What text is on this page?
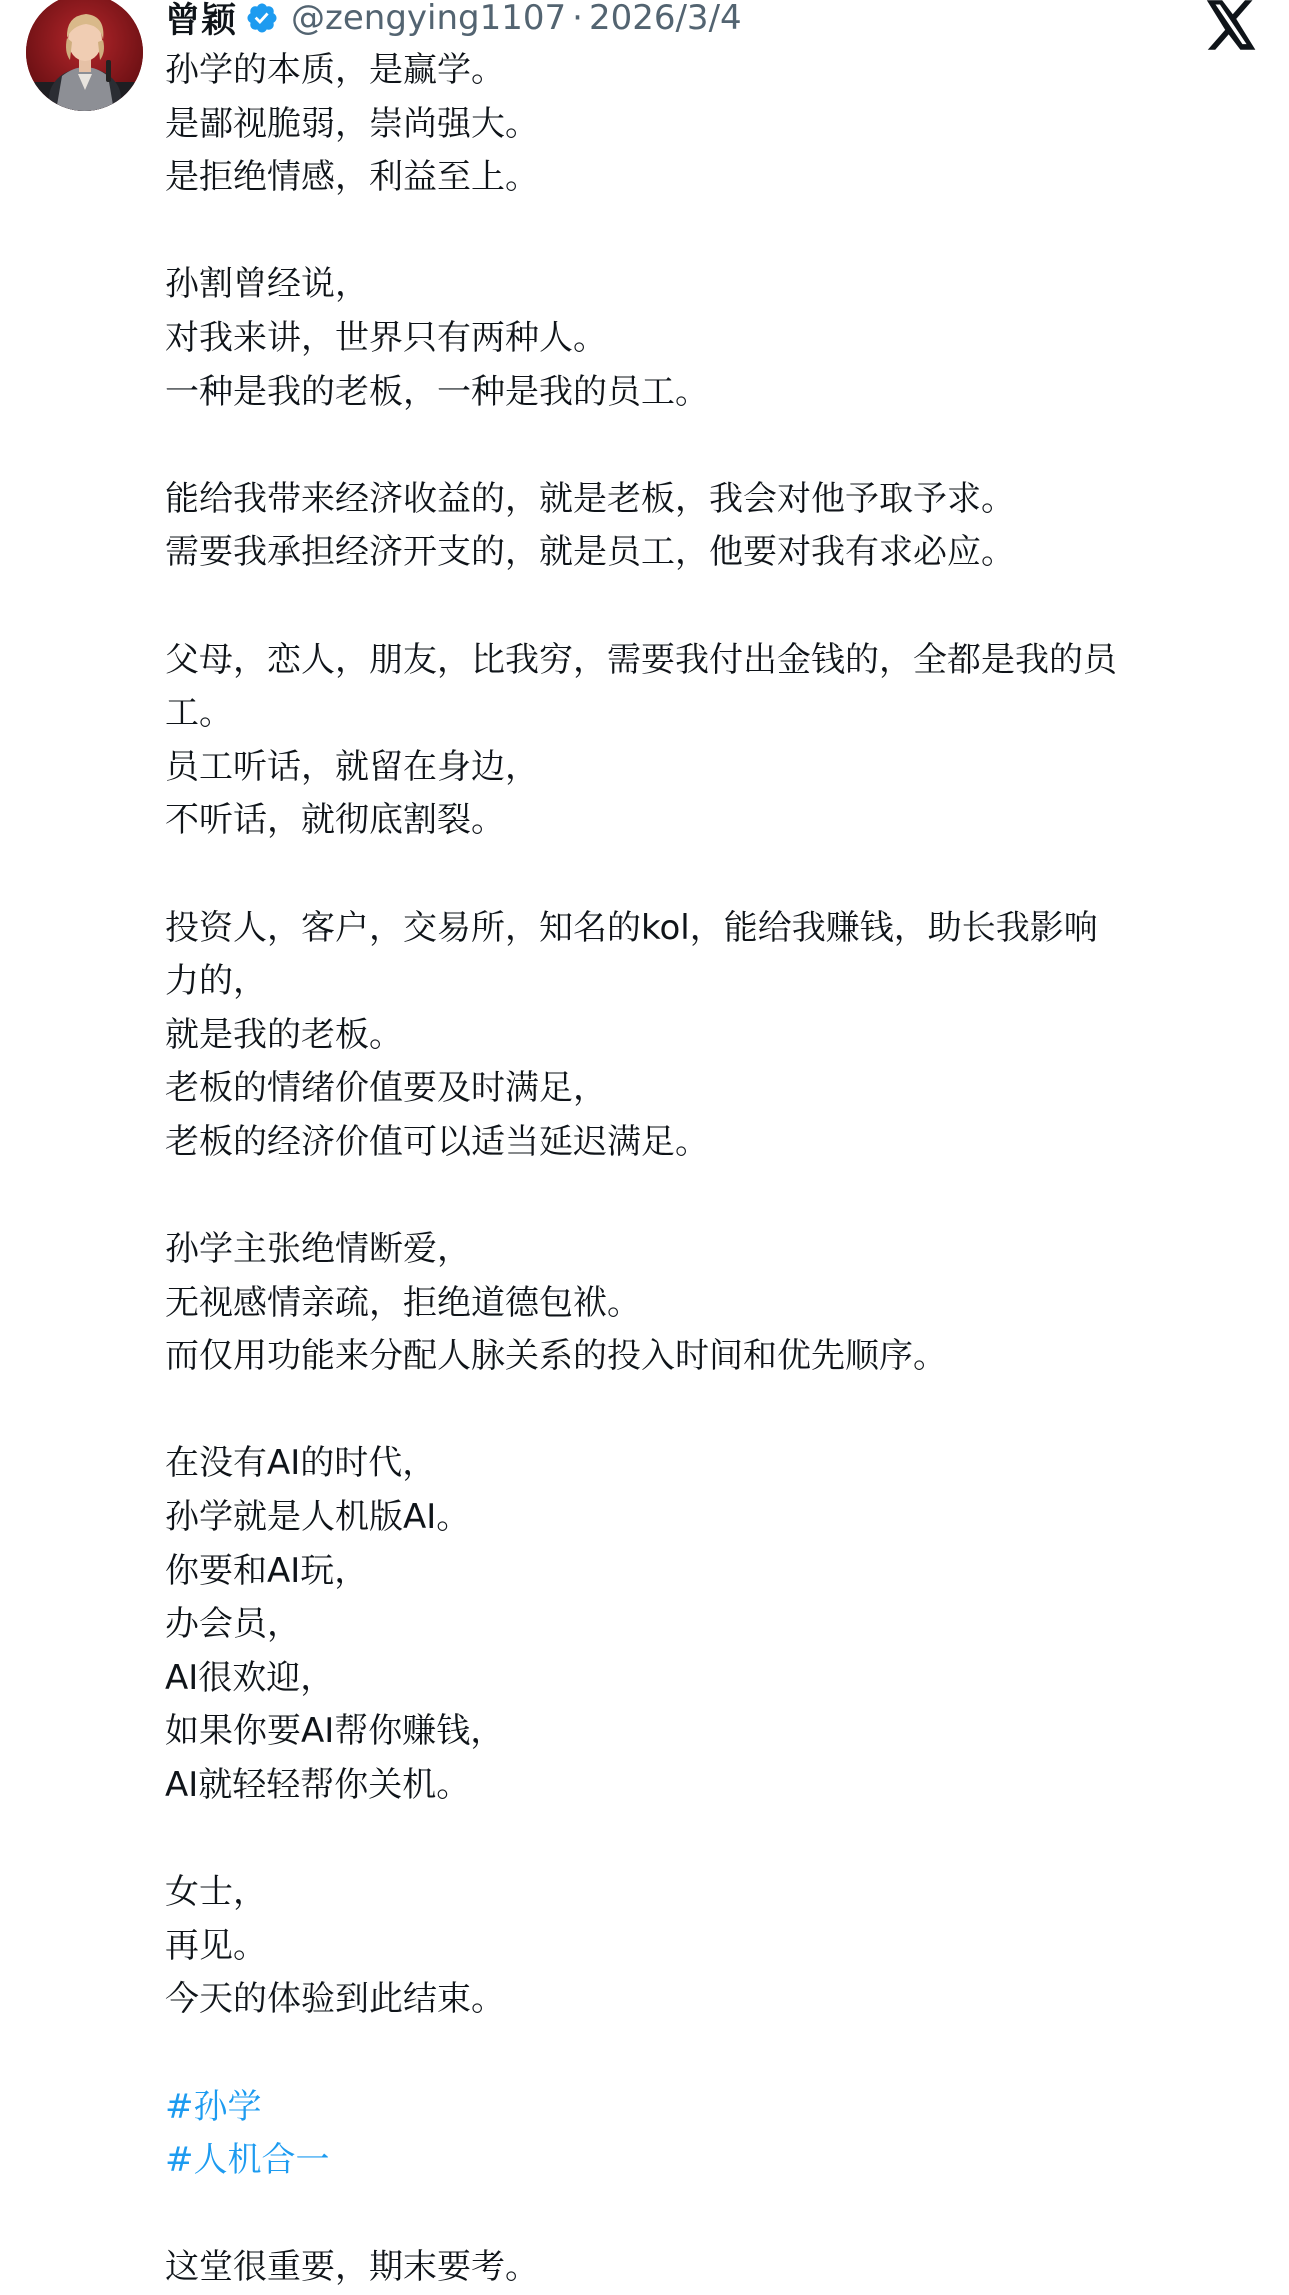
曾颖 @zengying1107 · 2026/3/4
孙学的本质，是赢学。
是鄙视脆弱，崇尚强大。
是拒绝情感，利益至上。
孙割曾经说，
对我来讲，世界只有两种人。
一种是我的老板，一种是我的员工。
能给我带来经济收益的，就是老板，我会对他予取予求。
需要我承担经济开支的，就是员工，他要对我有求必应。
父母，恋人，朋友，比我穷，需要我付出金钱的，全都是我的员
工。
员工听话，就留在身边，
不听话，就彻底割裂。
投资人，客户，交易所，知名的kol，能给我赚钱，助长我影响
力的，
就是我的老板。
老板的情绪价值要及时满足，
老板的经济价值可以适当延迟满足。
孙学主张绝情断爱，
无视感情亲疏，拒绝道德包袱。
而仅用功能来分配人脉关系的投入时间和优先顺序。
在没有AI的时代，
孙学就是人机版AI。
你要和AI玩，
办会员，
AI很欢迎，
如果你要AI帮你赚钱，
AI就轻轻帮你关机。
女士，
再见。
今天的体验到此结束。
#孙学
#人机合一
这堂很重要，期末要考。
